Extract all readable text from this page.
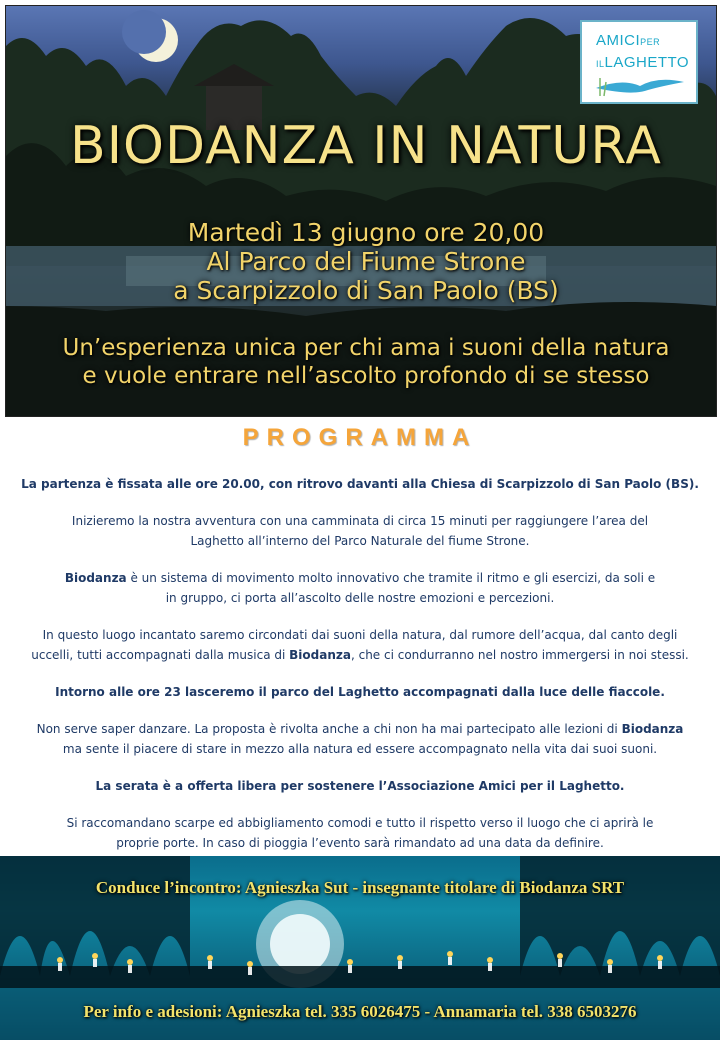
AMICIPER
ILLAGHETTO
BIODANZA IN NATURA
Martedì 13 giugno ore 20,00
Al Parco del Fiume Strone
a Scarpizzolo di San Paolo (BS)
Un’esperienza unica per chi ama i suoni della natura
e vuole entrare nell’ascolto profondo di se stesso
PROGRAMMA

La partenza è fissata alle ore 20.00, con ritrovo davanti alla Chiesa di Scarpizzolo di San Paolo (BS).

Inizieremo la nostra avventura con una camminata di circa 15 minuti per raggiungere l’area del
Laghetto all’interno del Parco Naturale del fiume Strone.

Biodanza è un sistema di movimento molto innovativo che tramite il ritmo e gli esercizi, da soli e
in gruppo, ci porta all’ascolto delle nostre emozioni e percezioni.

In questo luogo incantato saremo circondati dai suoni della natura, dal rumore dell’acqua, dal canto degli
uccelli, tutti accompagnati dalla musica di Biodanza, che ci condurranno nel nostro immergersi in noi stessi.

Intorno alle ore 23 lasceremo il parco del Laghetto accompagnati dalla luce delle fiaccole.

Non serve saper danzare. La proposta è rivolta anche a chi non ha mai partecipato alle lezioni di Biodanza
ma sente il piacere di stare in mezzo alla natura ed essere accompagnato nella vita dai suoi suoni.

La serata è a offerta libera per sostenere l’Associazione Amici per il Laghetto.

Si raccomandano scarpe ed abbigliamento comodi e tutto il rispetto verso il luogo che ci aprirà le
proprie porte. In caso di pioggia l’evento sarà rimandato ad una data da definire.

Conduce l’incontro: Agnieszka Sut - insegnante titolare di Biodanza SRT
Per info e adesioni: Agnieszka tel. 335 6026475 - Annamaria tel. 338 6503276
